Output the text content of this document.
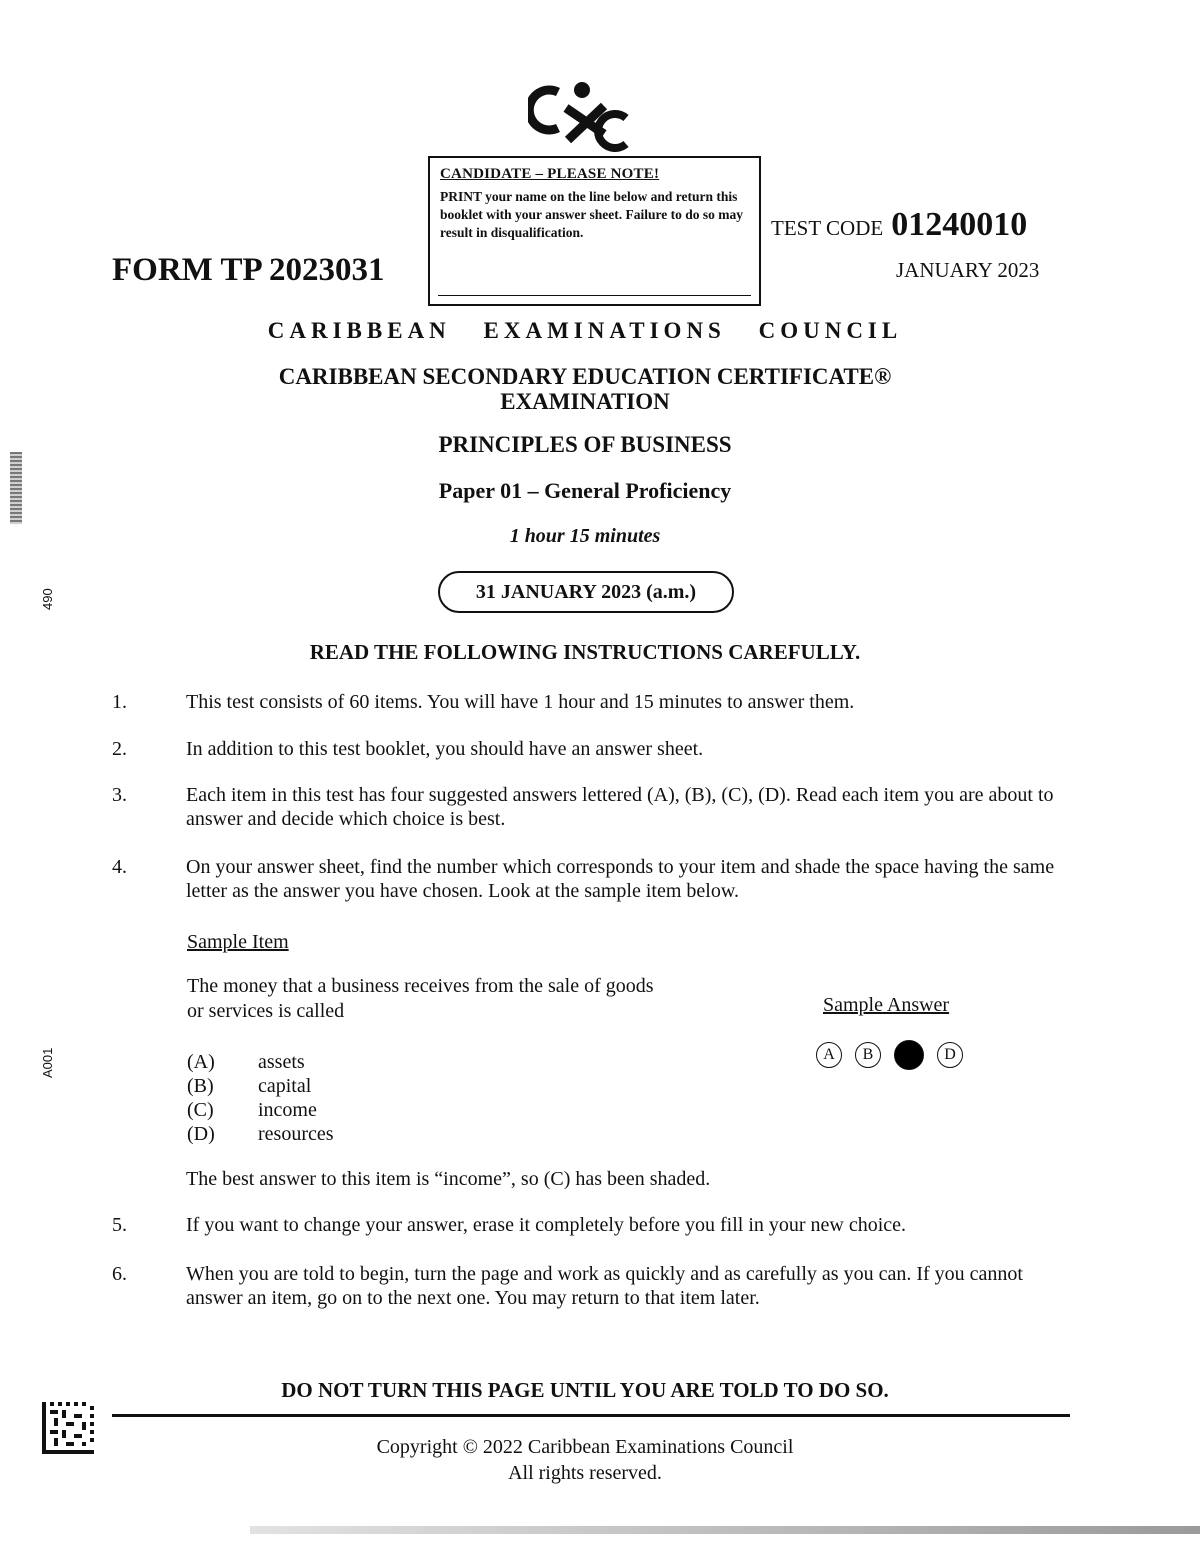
CANDIDATE – PLEASE NOTE!
PRINT your name on the line below and return this booklet with your answer sheet. Failure to do so may result in disqualification.
FORM TP 2023031
TEST CODE 01240010
JANUARY 2023
CARIBBEAN EXAMINATIONS COUNCIL
CARIBBEAN SECONDARY EDUCATION CERTIFICATE®
EXAMINATION
PRINCIPLES OF BUSINESS
Paper 01 – General Proficiency
1 hour 15 minutes
31 JANUARY 2023 (a.m.)
READ THE FOLLOWING INSTRUCTIONS CAREFULLY.
1.	This test consists of 60 items. You will have 1 hour and 15 minutes to answer them.
2.	In addition to this test booklet, you should have an answer sheet.
3.	Each item in this test has four suggested answers lettered (A), (B), (C), (D). Read each item you are about to answer and decide which choice is best.
4.	On your answer sheet, find the number which corresponds to your item and shade the space having the same letter as the answer you have chosen. Look at the sample item below.
Sample Item
The money that a business receives from the sale of goods or services is called
(A) assets
(B) capital
(C) income
(D) resources
Sample Answer
A B	D
The best answer to this item is “income”, so (C) has been shaded.
5.	If you want to change your answer, erase it completely before you fill in your new choice.
6.	When you are told to begin, turn the page and work as quickly and as carefully as you can. If you cannot answer an item, go on to the next one. You may return to that item later.
DO NOT TURN THIS PAGE UNTIL YOU ARE TOLD TO DO SO.
Copyright © 2022 Caribbean Examinations Council
All rights reserved.
490
A001
